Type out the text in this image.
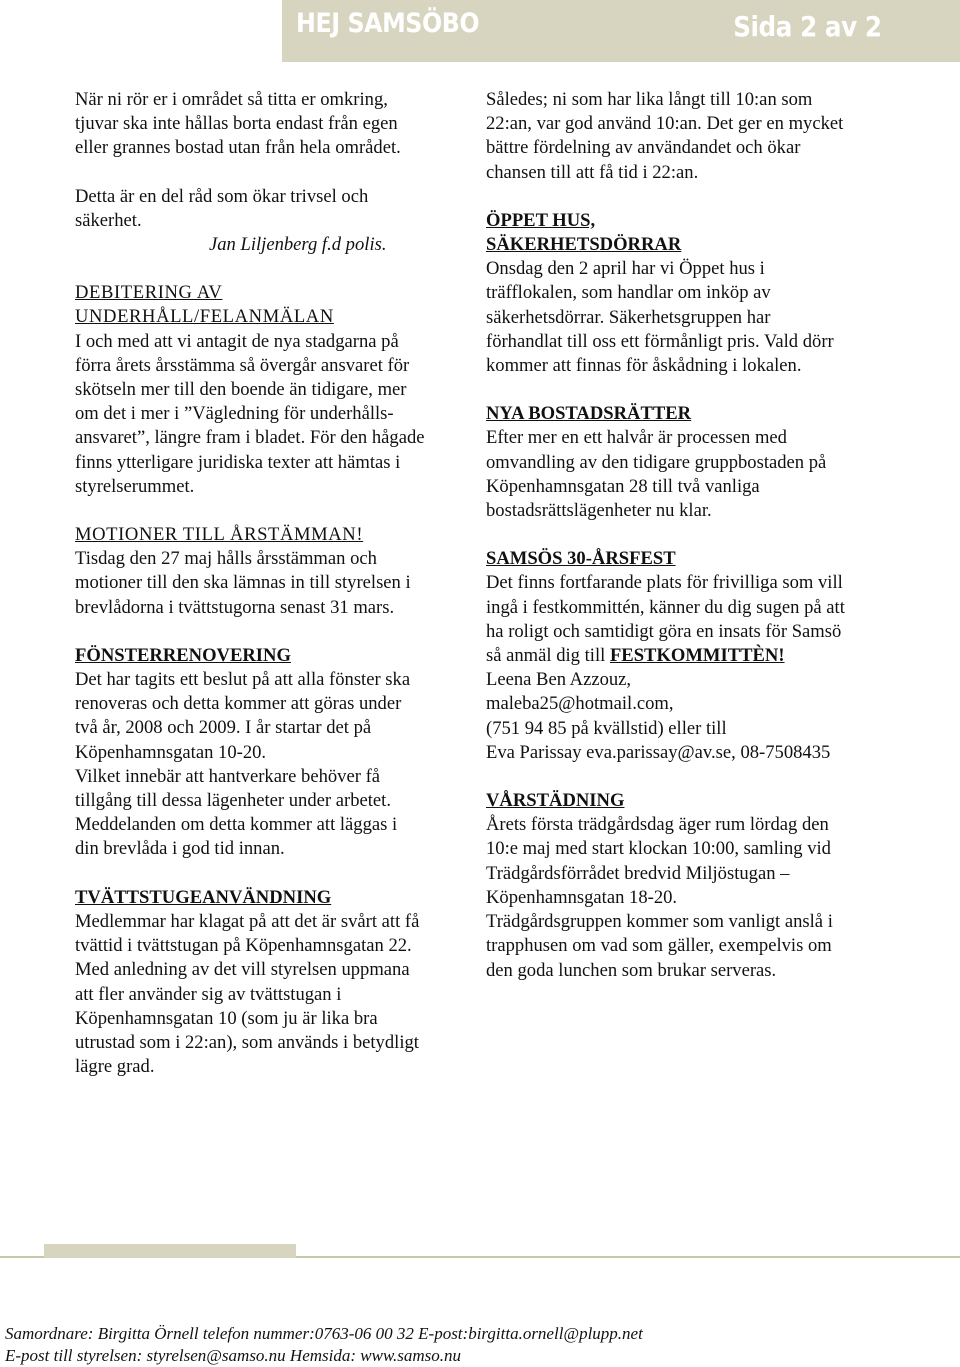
HEJ SAMSÖBO	Sida 2 av 2

När ni rör er i området så titta er omkring, tjuvar ska inte hållas borta endast från egen eller grannes bostad utan från hela området.

Detta är en del råd som ökar trivsel och säkerhet.

Jan Liljenberg f.d polis.

DEBITERING AV UNDERHÅLL/FELANMÄLAN

I och med att vi antagit de nya stadgarna på förra årets årsstämma så övergår ansvaret för skötseln mer till den boende än tidigare, mer om det i mer i ”Vägledning för underhålls-ansvaret”, längre fram i bladet. För den hågade finns ytterligare juridiska texter att hämtas i styrelserummet.

MOTIONER TILL ÅRSTÄMMAN!

Tisdag den 27 maj hålls årsstämman och motioner till den ska lämnas in till styrelsen i brevlådorna i tvättstugorna senast 31 mars.

FÖNSTERRENOVERING

Det har tagits ett beslut på att alla fönster ska renoveras och detta kommer att göras under två år, 2008 och 2009. I år startar det på Köpenhamnsgatan 10-20.

Vilket innebär att hantverkare behöver få tillgång till dessa lägenheter under arbetet. Meddelanden om detta kommer att läggas i din brevlåda i god tid innan.

TVÄTTSTUGEANVÄNDNING

Medlemmar har klagat på att det är svårt att få tvättid i tvättstugan på Köpenhamnsgatan 22.

Med anledning av det vill styrelsen uppmana att fler använder sig av tvättstugan i Köpenhamnsgatan 10 (som ju är lika bra utrustad som i 22:an), som används i betydligt lägre grad.

Således; ni som har lika långt till 10:an som 22:an, var god använd 10:an. Det ger en mycket bättre fördelning av användandet och ökar chansen till att få tid i 22:an.

ÖPPET HUS,

SÄKERHETSDÖRRAR

Onsdag den 2 april har vi Öppet hus i träfflokalen, som handlar om inköp av säkerhetsdörrar. Säkerhetsgruppen har förhandlat till oss ett förmånligt pris. Vald dörr kommer att finnas för åskådning i lokalen.

NYA BOSTADSRÄTTER

Efter mer en ett halvår är processen med omvandling av den tidigare gruppbostaden på Köpenhamnsgatan 28 till två vanliga bostadsrättslägenheter nu klar.

SAMSÖS 30-ÅRSFEST

Det finns fortfarande plats för frivilliga som vill ingå i festkommittén, känner du dig sugen på att ha roligt och samtidigt göra en insats för Samsö så anmäl dig till FESTKOMMITTÈN!

Leena Ben Azzouz,

maleba25@hotmail.com,

(751 94 85 på kvällstid) eller till

Eva Parissay eva.parissay@av.se, 08-7508435

VÅRSTÄDNING

Årets första trädgårdsdag äger rum lördag den 10:e maj med start klockan 10:00, samling vid Trädgårdsförrådet bredvid Miljöstugan – Köpenhamnsgatan 18-20.

Trädgårdsgruppen kommer som vanligt anslå i trapphusen om vad som gäller, exempelvis om den goda lunchen som brukar serveras.

Samordnare: Birgitta Örnell telefon nummer:0763-06 00 32 E-post:birgitta.ornell@plupp.net
E-post till styrelsen: styrelsen@samso.nu Hemsida: www.samso.nu
